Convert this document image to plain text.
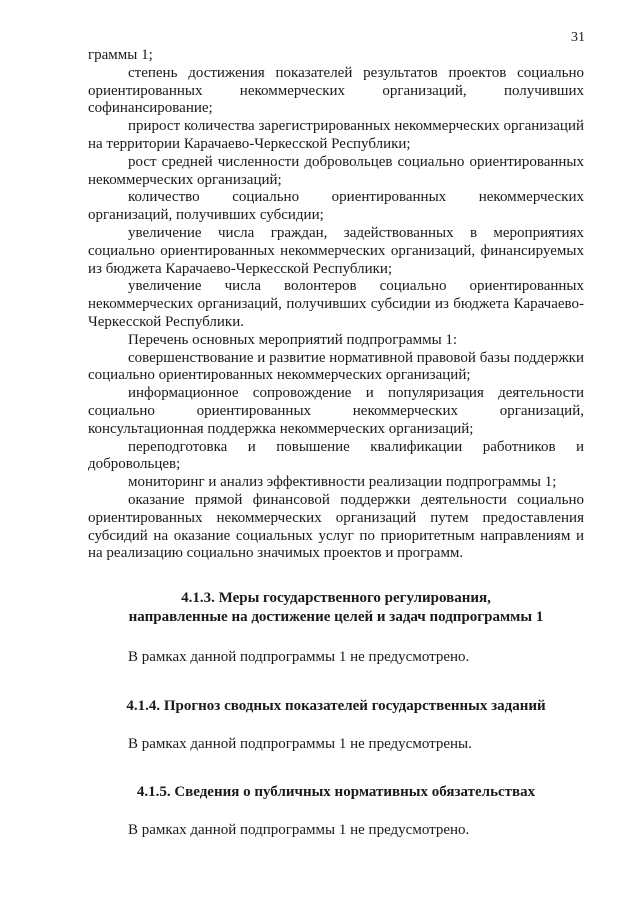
31

граммы 1;

степень достижения показателей результатов проектов социально ориентированных некоммерческих организаций, получивших софинансирование;

прирост количества зарегистрированных некоммерческих организаций на территории Карачаево-Черкесской Республики;

рост средней численности добровольцев социально ориентированных некоммерческих организаций;

количество социально ориентированных некоммерческих организаций, получивших субсидии;

увеличение числа граждан, задействованных в мероприятиях социально ориентированных некоммерческих организаций, финансируемых из бюджета Карачаево-Черкесской Республики;

увеличение числа волонтеров социально ориентированных некоммерческих организаций, получивших субсидии из бюджета Карачаево-Черкесской Республики.

Перечень основных мероприятий подпрограммы 1:

совершенствование и развитие нормативной правовой базы поддержки социально ориентированных некоммерческих организаций;

информационное сопровождение и популяризация деятельности социально ориентированных некоммерческих организаций, консультационная поддержка некоммерческих организаций;

переподготовка и повышение квалификации работников и добровольцев;

мониторинг и анализ эффективности реализации подпрограммы 1;

оказание прямой финансовой поддержки деятельности социально ориентированных некоммерческих организаций путем предоставления субсидий на оказание социальных услуг по приоритетным направлениям и на реализацию социально значимых проектов и программ.

4.1.3. Меры государственного регулирования,
направленные на достижение целей и задач подпрограммы 1
В рамках данной подпрограммы 1 не предусмотрено.
4.1.4. Прогноз сводных показателей государственных заданий
В рамках данной подпрограммы 1 не предусмотрены.
4.1.5. Сведения о публичных нормативных обязательствах
В рамках данной подпрограммы 1 не предусмотрено.
